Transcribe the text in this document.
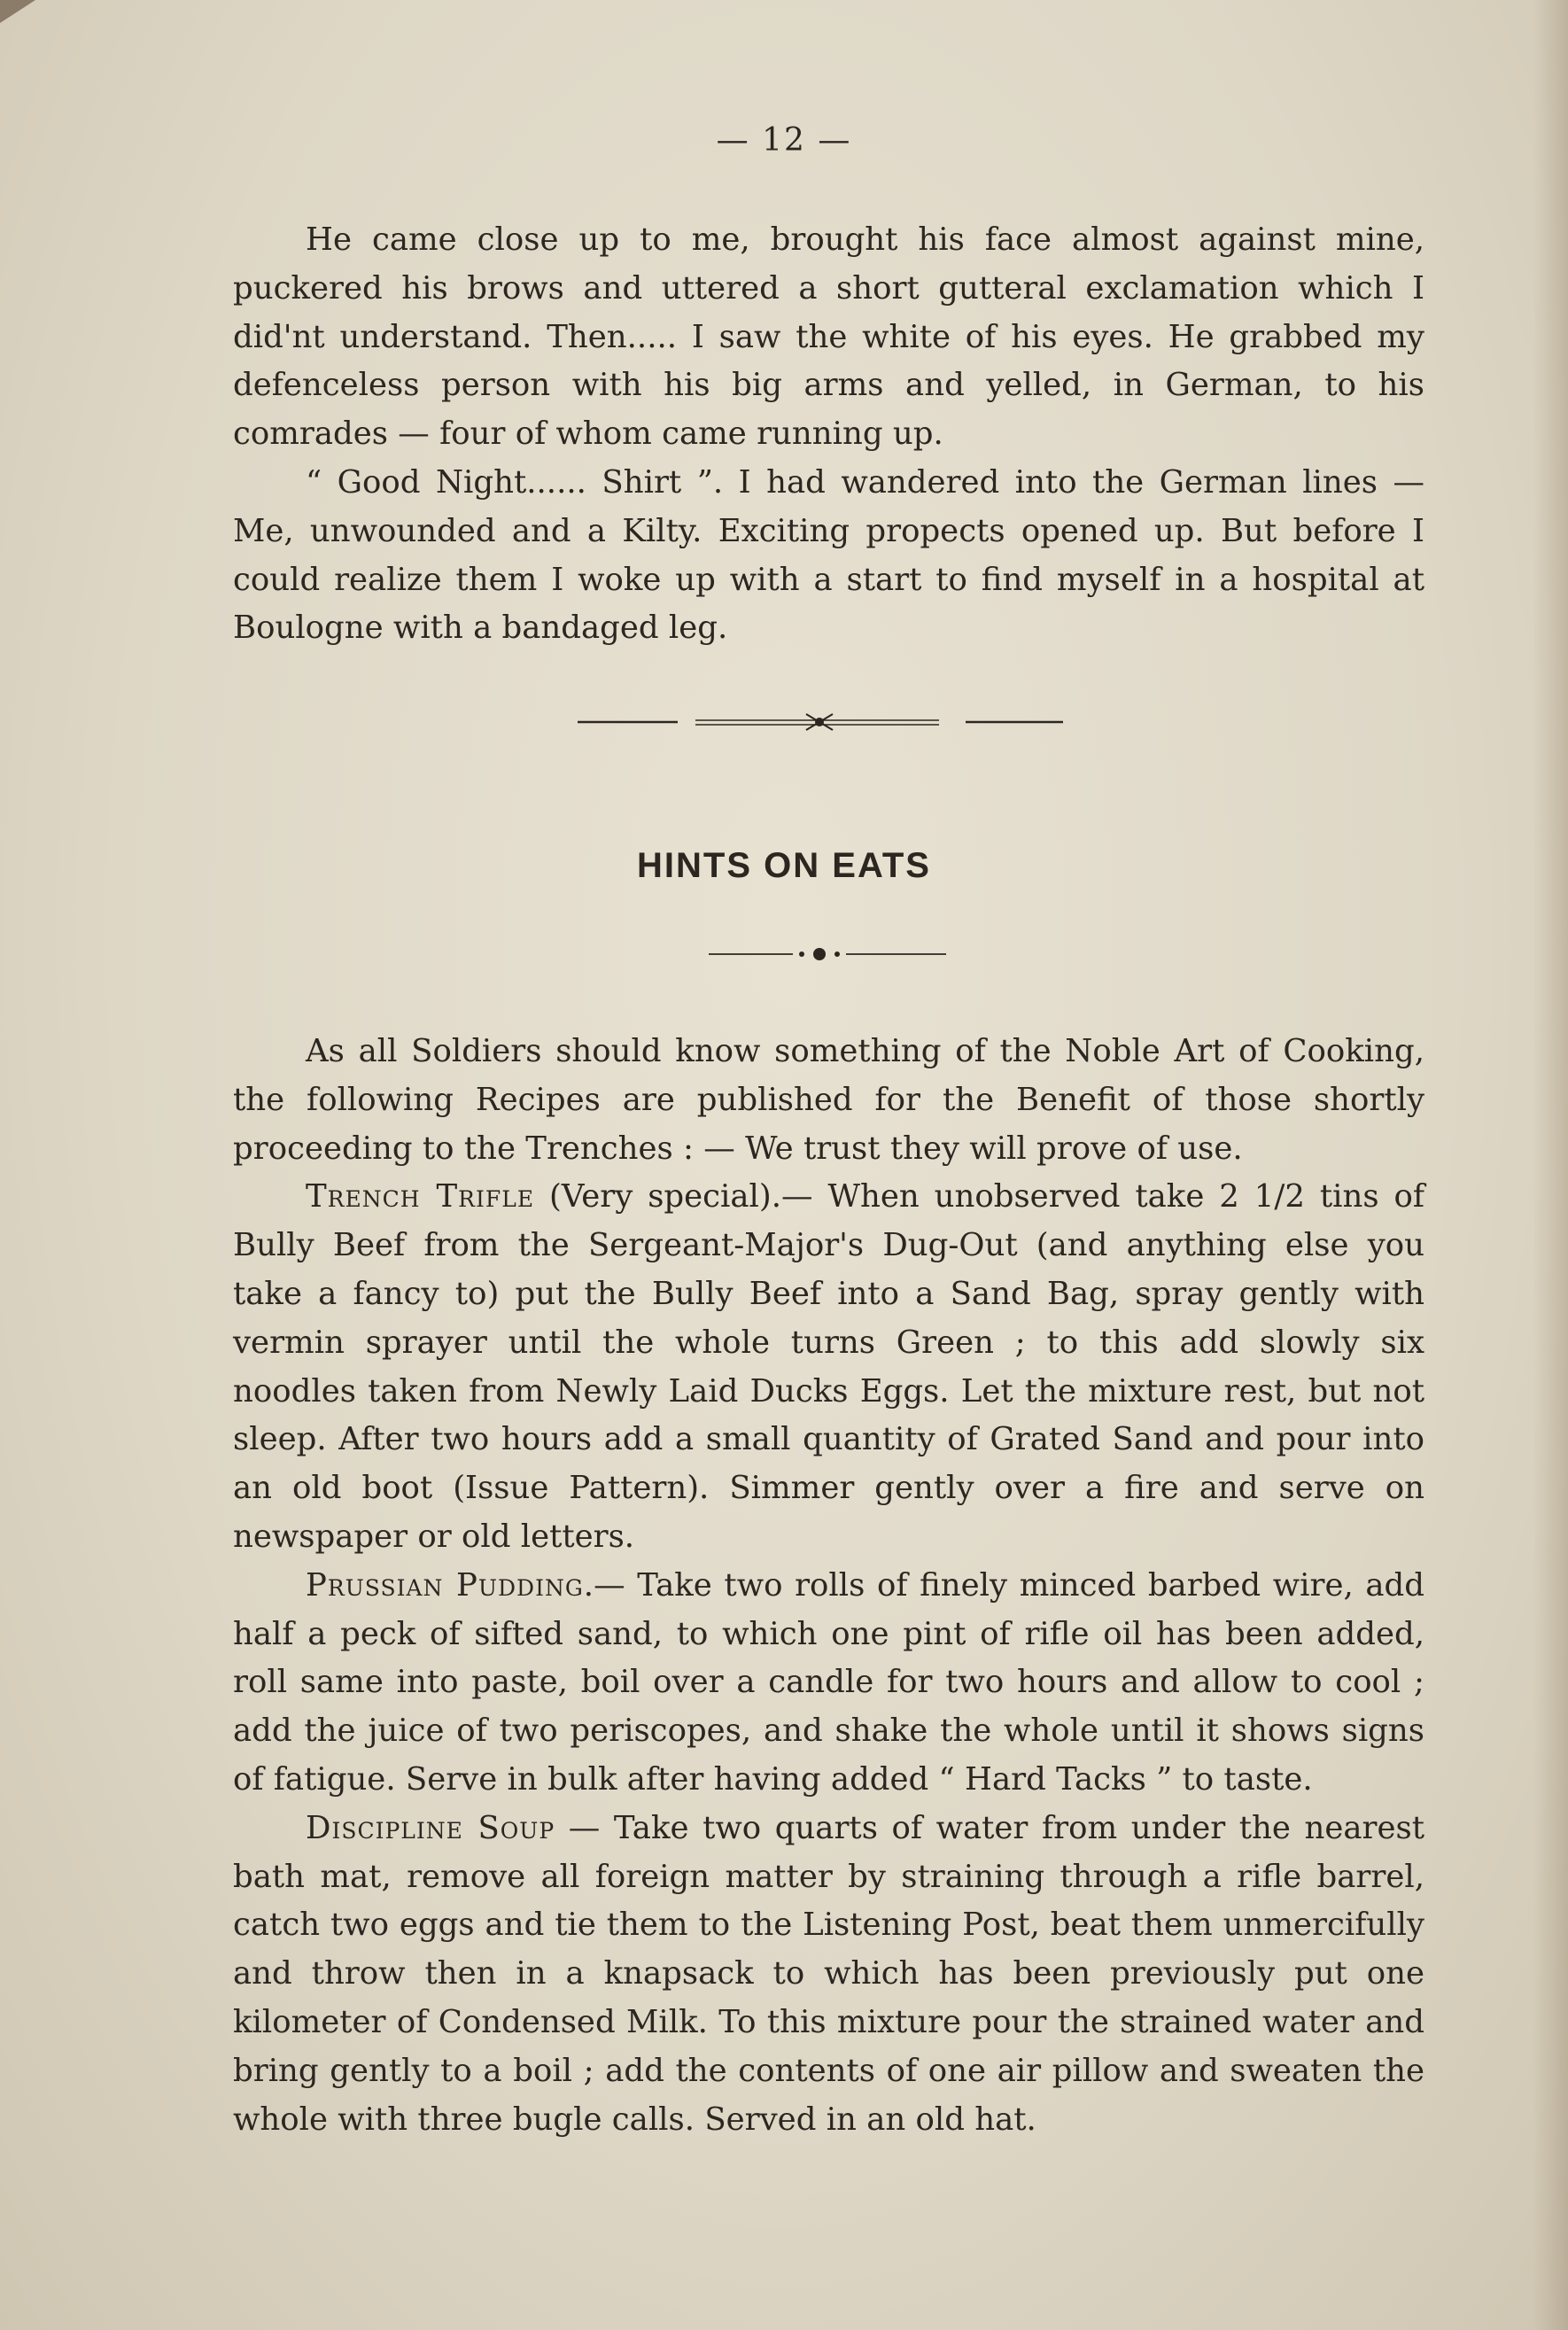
— 12 —

He came close up to me, brought his face almost against mine, puckered his brows and uttered a short gutteral exclamation which I did'nt understand. Then..... I saw the white of his eyes. He grabbed my defenceless person with his big arms and yelled, in German, to his comrades — four of whom came running up.

“ Good Night...... Shirt ”. I had wandered into the German lines — Me, unwounded and a Kilty. Exciting propects opened up. But before I could realize them I woke up with a start to find myself in a hospital at Boulogne with a bandaged leg.

HINTS ON EATS

As all Soldiers should know something of the Noble Art of Cooking, the following Recipes are published for the Benefit of those shortly proceeding to the Trenches : — We trust they will prove of use.

Trench Trifle (Very special).— When unobserved take 2 1/2 tins of Bully Beef from the Sergeant-Major's Dug-Out (and anything else you take a fancy to) put the Bully Beef into a Sand Bag, spray gently with vermin sprayer until the whole turns Green ; to this add slowly six noodles taken from Newly Laid Ducks Eggs. Let the mixture rest, but not sleep. After two hours add a small quantity of Grated Sand and pour into an old boot (Issue Pattern). Simmer gently over a fire and serve on newspaper or old letters.

Prussian Pudding.— Take two rolls of finely minced barbed wire, add half a peck of sifted sand, to which one pint of rifle oil has been added, roll same into paste, boil over a candle for two hours and allow to cool ; add the juice of two periscopes, and shake the whole until it shows signs of fatigue. Serve in bulk after having added “ Hard Tacks ” to taste.

Discipline Soup — Take two quarts of water from under the nearest bath mat, remove all foreign matter by straining through a rifle barrel, catch two eggs and tie them to the Listening Post, beat them unmercifully and throw then in a knapsack to which has been previously put one kilometer of Condensed Milk. To this mixture pour the strained water and bring gently to a boil ; add the contents of one air pillow and sweaten the whole with three bugle calls. Served in an old hat.
